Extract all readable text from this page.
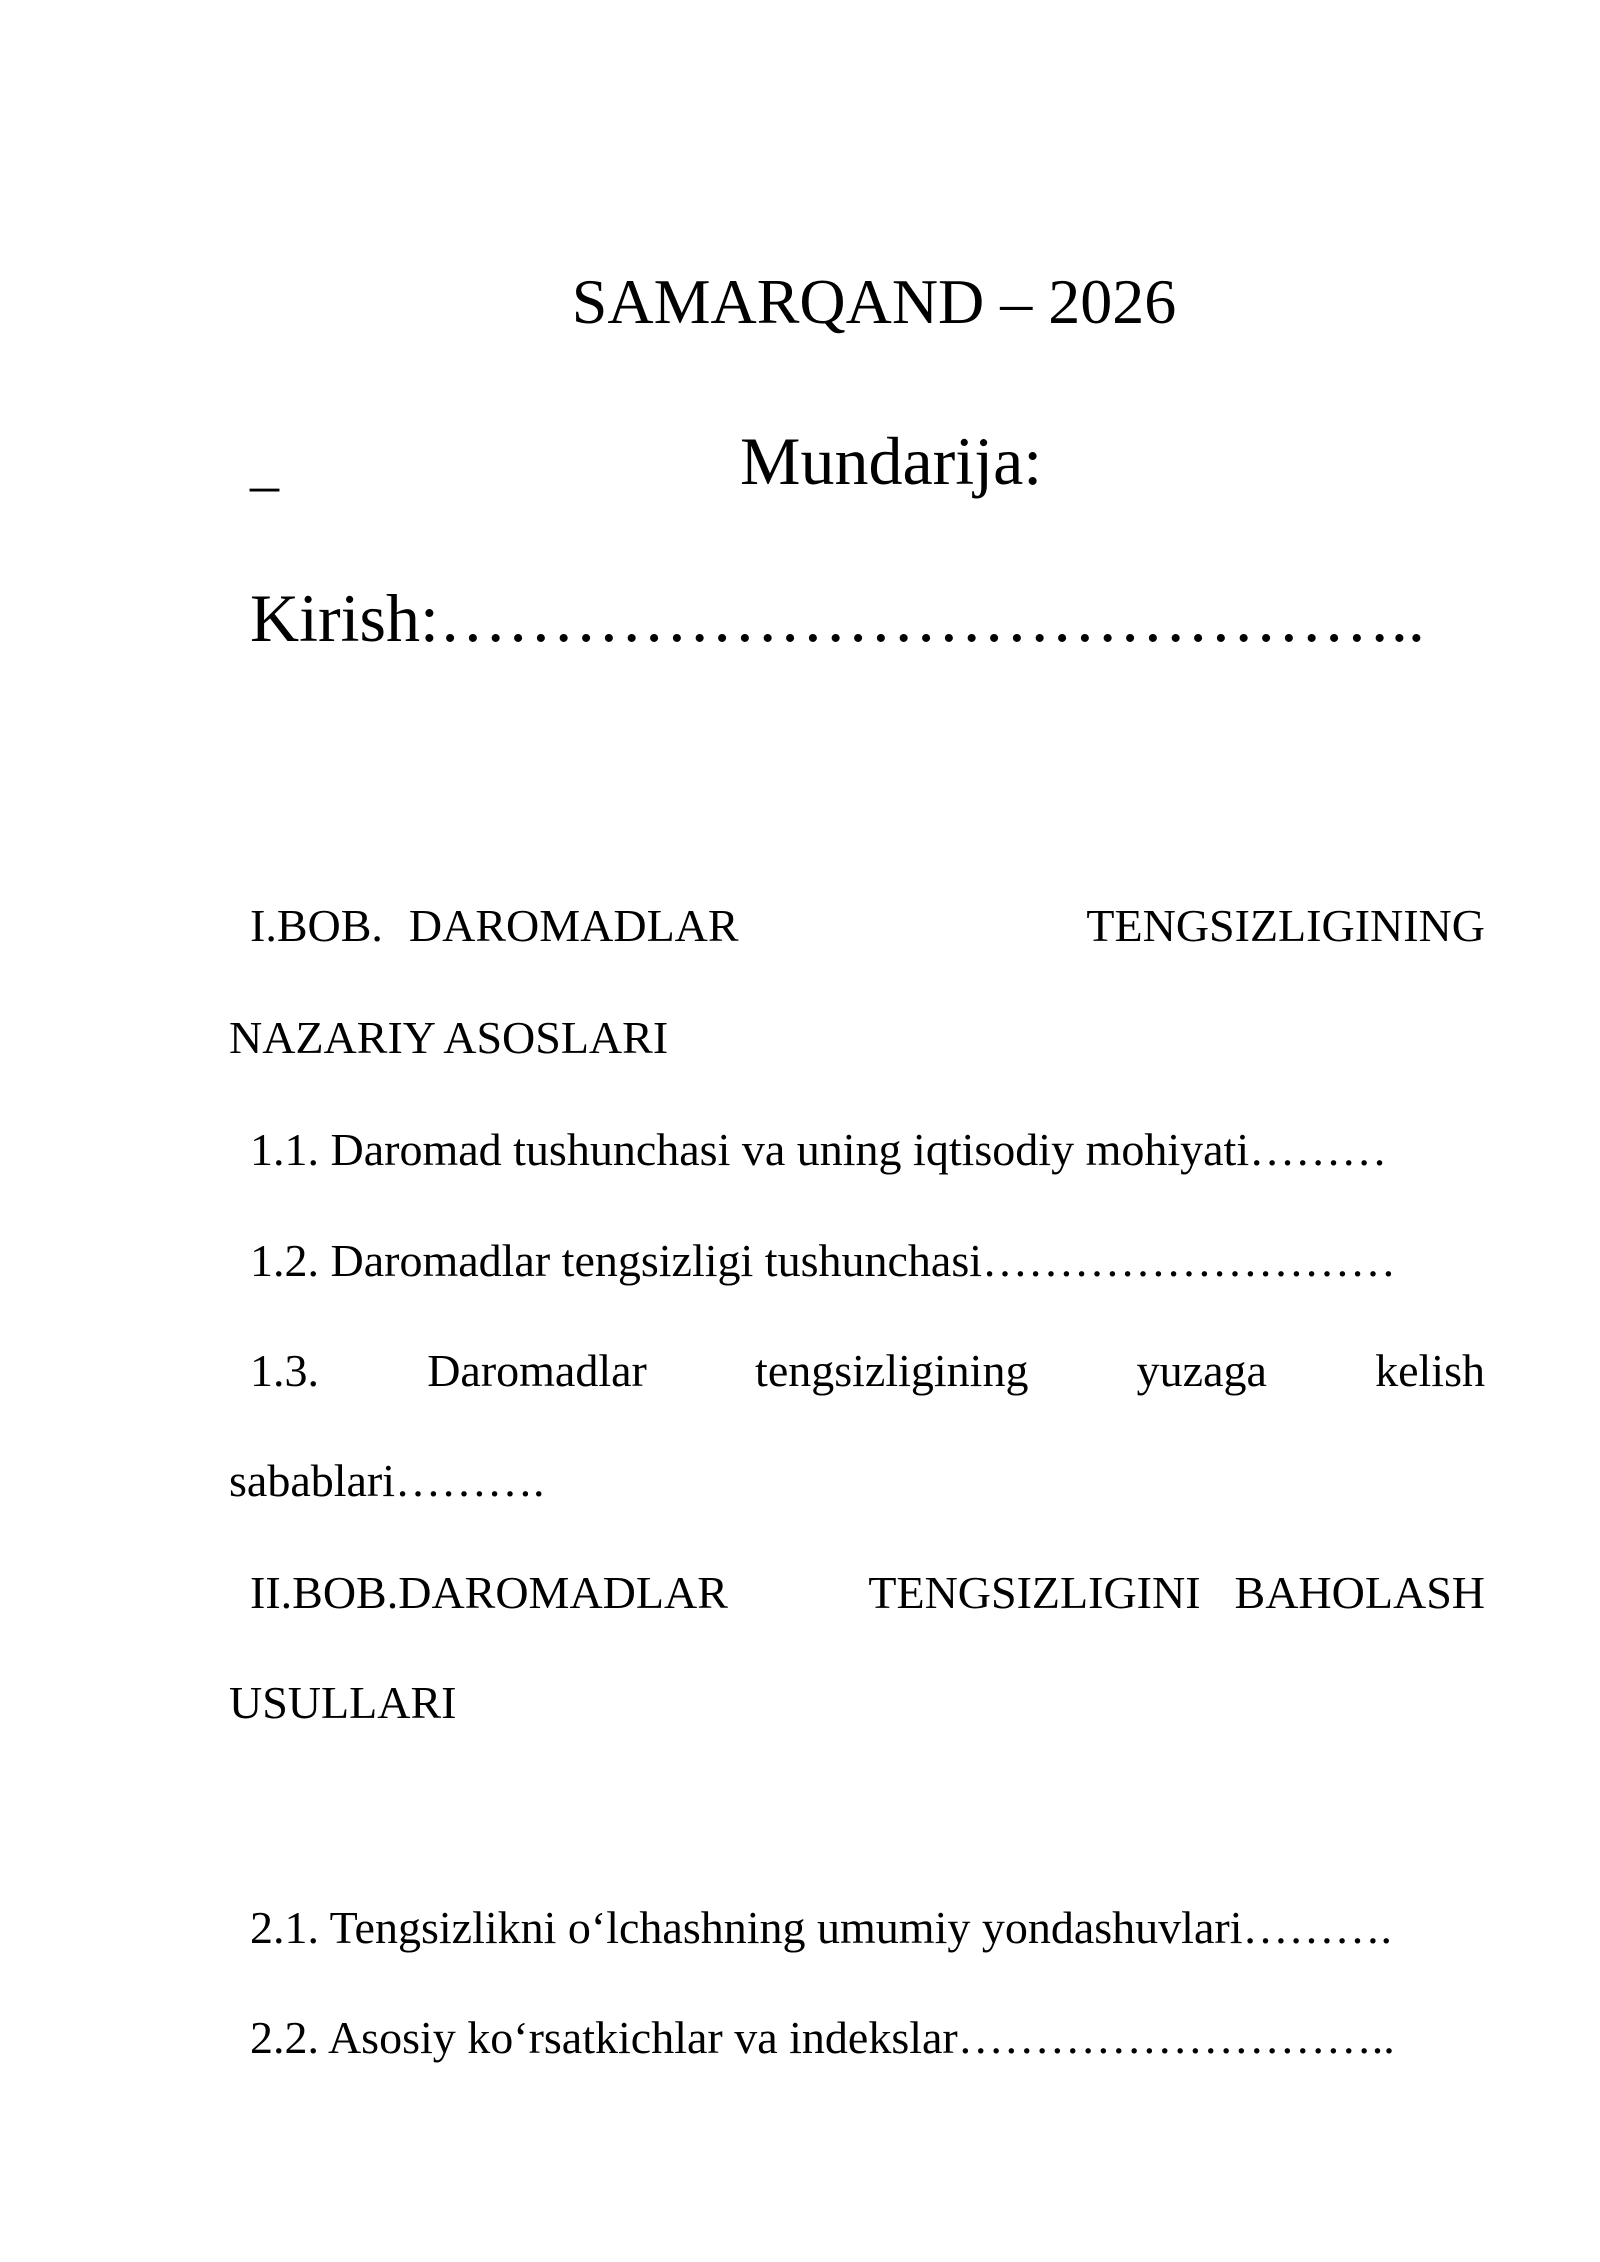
SAMARQAND – 2026
_	Mundarija:
Kirish:……………………………………..
I.BOB. DAROMADLAR	TENGSIZLIGINING
NAZARIY ASOSLARI
1.1. Daromad tushunchasi va uning iqtisodiy mohiyati………
1.2. Daromadlar tengsizligi tushunchasi………………………
1.3. Daromadlar tengsizligining yuzaga kelish
sabablari……….
II.BOB.DAROMADLAR	TENGSIZLIGINI BAHOLASH
USULLARI
2.1. Tengsizlikni o‘lchashning umumiy yondashuvlari……….
2.2. Asosiy ko‘rsatkichlar va indekslar………………………..
